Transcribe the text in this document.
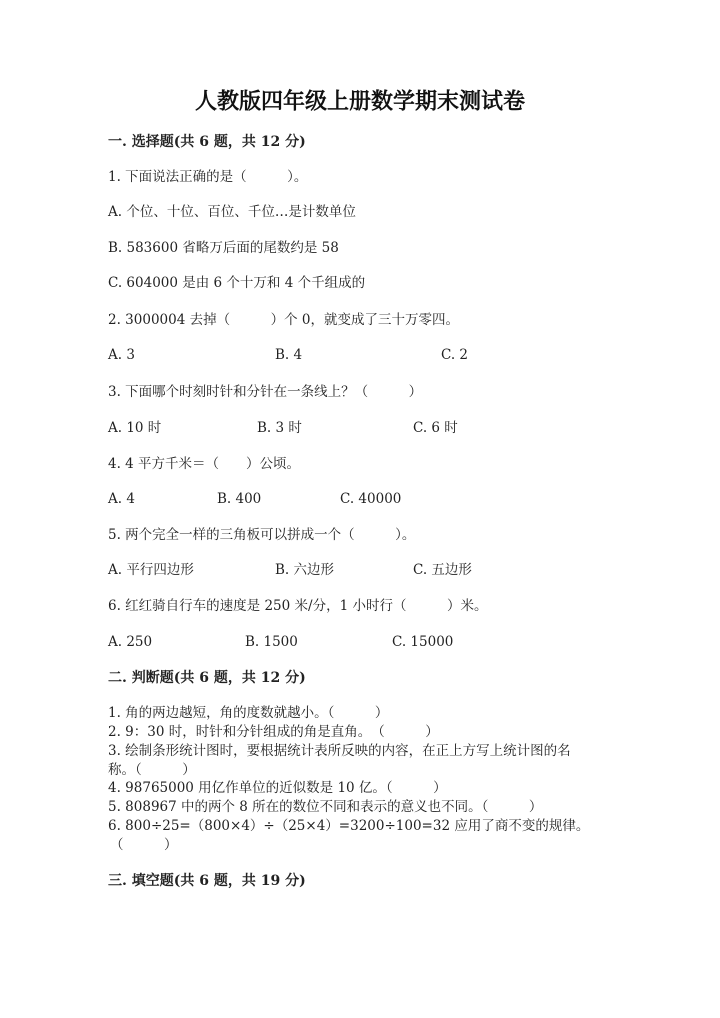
人教版四年级上册数学期末测试卷
一. 选择题(共 6 题，共 12 分)
1. 下面说法正确的是（　　　）。
A. 个位、十位、百位、千位…是计数单位
B. 583600 省略万后面的尾数约是 58
C. 604000 是由 6 个十万和 4 个千组成的
2. 3000004 去掉（　　　）个 0，就变成了三十万零四。
A. 3	B. 4	C. 2
3. 下面哪个时刻时针和分针在一条线上？（　　　）
A. 10 时	B. 3 时	C. 6 时
4. 4 平方千米＝（　　）公顷。
A. 4	B. 400	C. 40000
5. 两个完全一样的三角板可以拼成一个（　　　）。
A. 平行四边形	B. 六边形	C. 五边形
6. 红红骑自行车的速度是 250 米/分，1 小时行（　　　）米。
A. 250	B. 1500	C. 15000
二. 判断题(共 6 题，共 12 分)
1. 角的两边越短，角的度数就越小。（　　　）
2. 9：30 时，时针和分针组成的角是直角。　（　　　）
3. 绘制条形统计图时，要根据统计表所反映的内容，在正上方写上统计图的名
称。（　　　）
4. 98765000 用亿作单位的近似数是 10 亿。（　　　）
5. 808967 中的两个 8 所在的数位不同和表示的意义也不同。（　　　）
6. 800÷25=（800×4）÷（25×4）=3200÷100=32 应用了商不变的规律。
（　　　）
三. 填空题(共 6 题，共 19 分)
